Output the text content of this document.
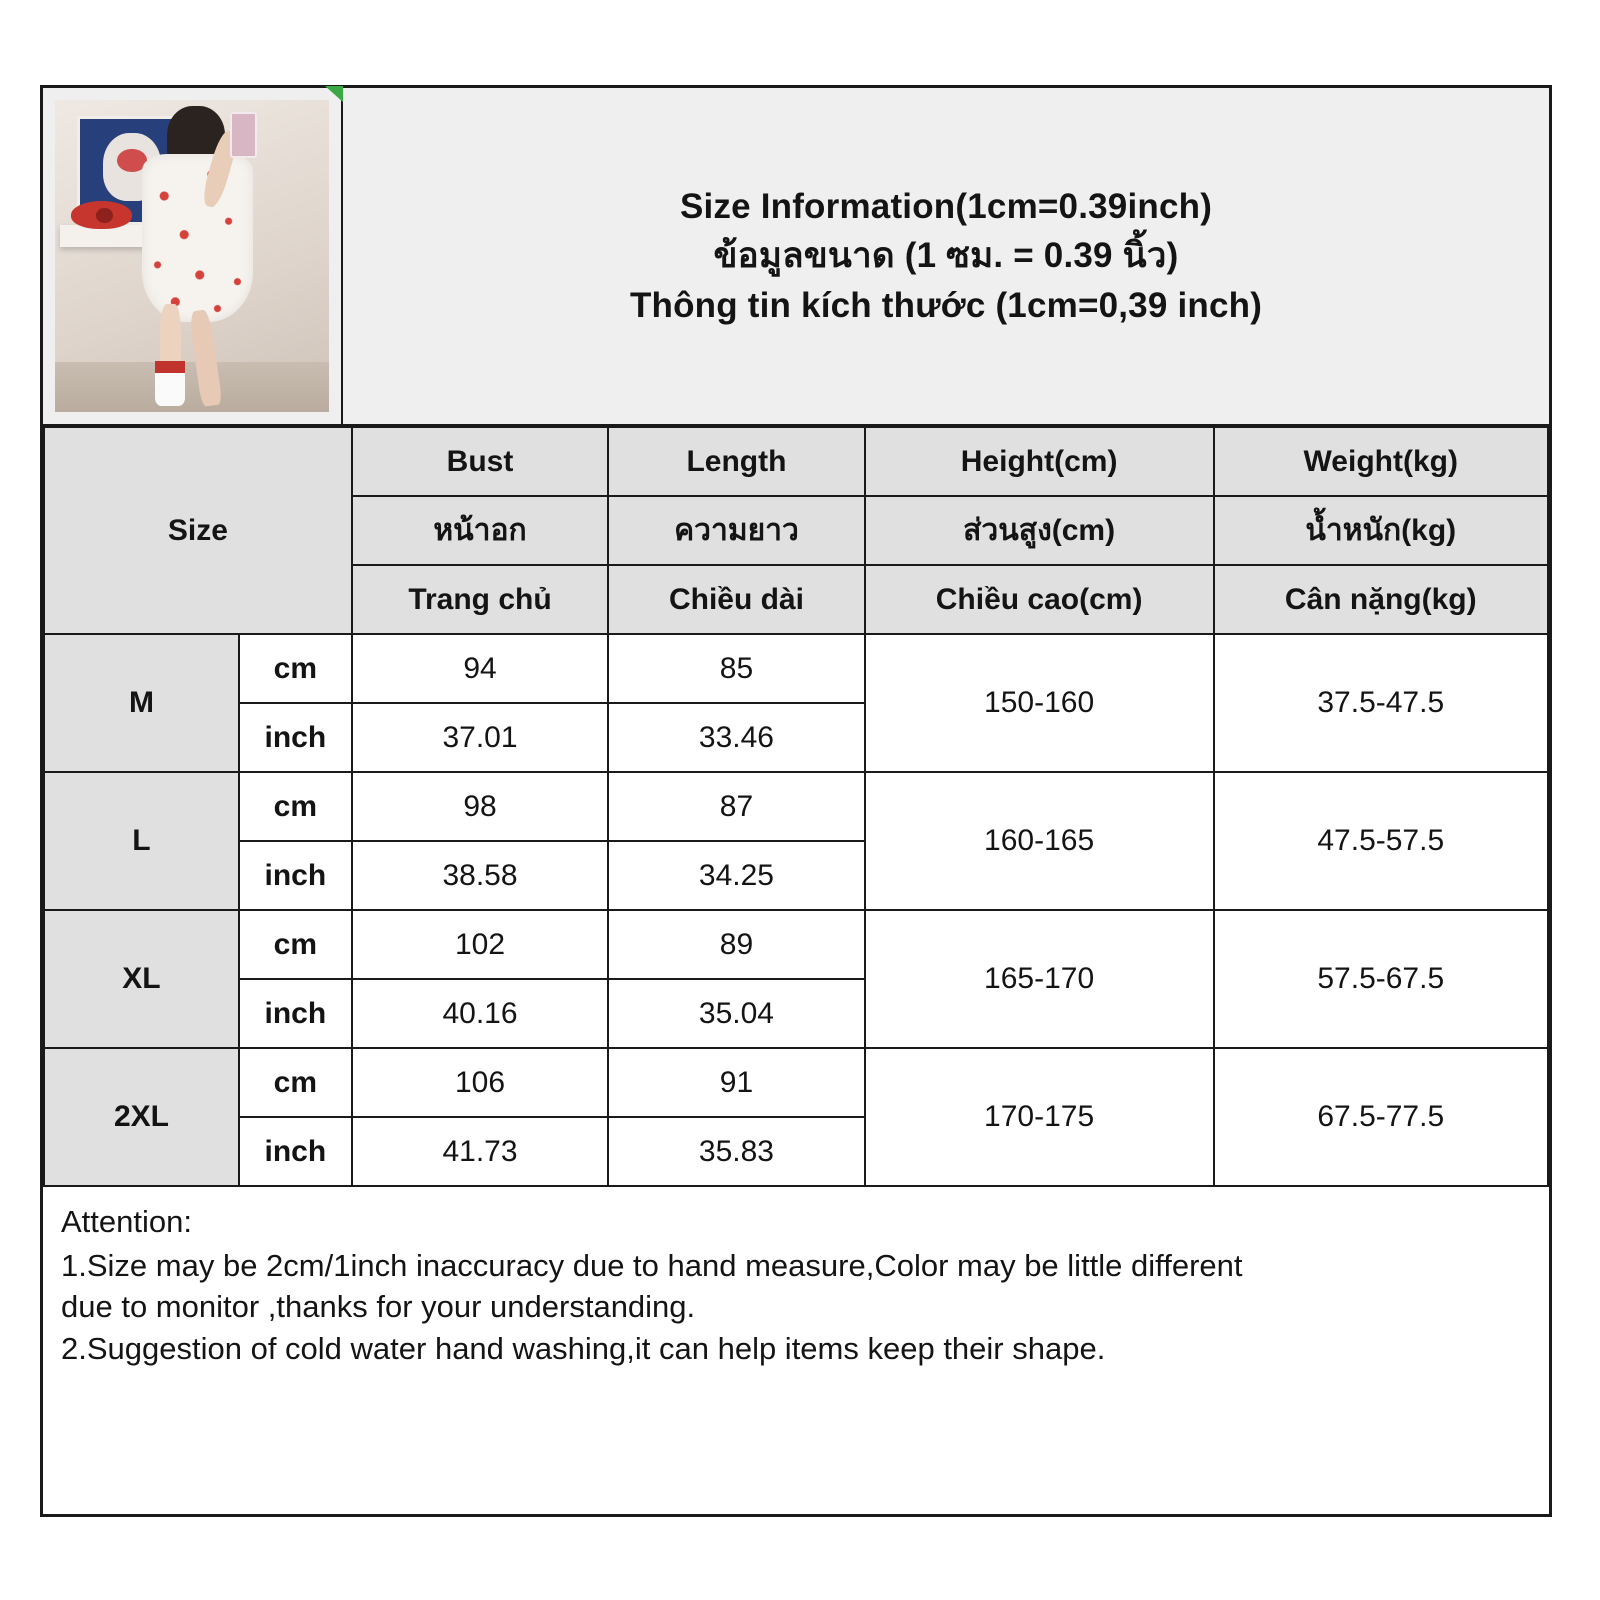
Size Information(1cm=0.39inch)
ข้อมูลขนาด (1 ซม. = 0.39 นิ้ว)
Thông tin kích thước (1cm=0,39 inch)
Size		Bust	Length	Height(cm)	Weight(kg)
		หน้าอก	ความยาว	ส่วนสูง(cm)	น้ำหนัก(kg)
		Trang chủ	Chiều dài	Chiều cao(cm)	Cân nặng(kg)
M	cm	94	85	150-160	37.5-47.5
	inch	37.01	33.46		
L	cm	98	87	160-165	47.5-57.5
	inch	38.58	34.25		
XL	cm	102	89	165-170	57.5-67.5
	inch	40.16	35.04		
2XL	cm	106	91	170-175	67.5-77.5
	inch	41.73	35.83		
Attention:
1.Size may be 2cm/1inch inaccuracy due to hand measure,Color may be little different
due to monitor ,thanks for your understanding.
2.Suggestion of cold water hand washing,it can help items keep their shape.
